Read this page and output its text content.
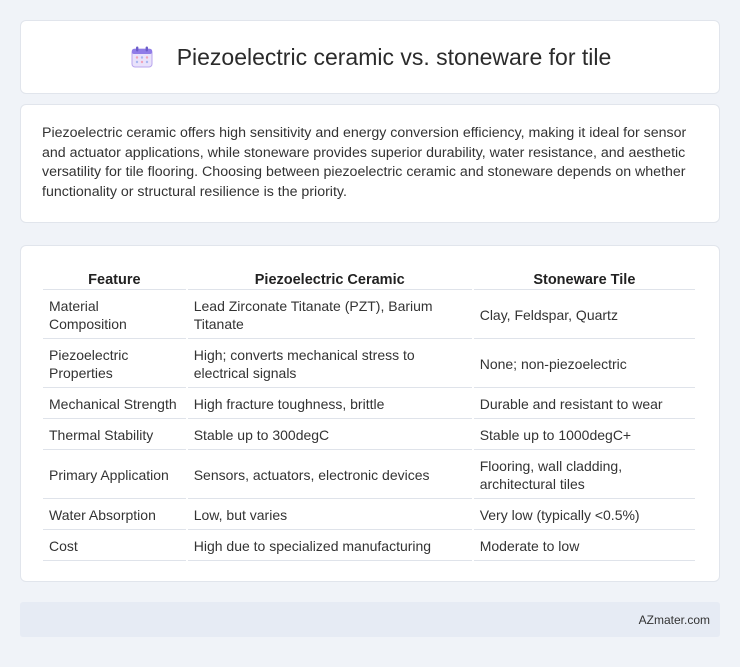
Piezoelectric ceramic vs. stoneware for tile

Piezoelectric ceramic offers high sensitivity and energy conversion efficiency, making it ideal for sensor and actuator applications, while stoneware provides superior durability, water resistance, and aesthetic versatility for tile flooring. Choosing between piezoelectric ceramic and stoneware depends on whether functionality or structural resilience is the priority.

Feature	Piezoelectric Ceramic	Stoneware Tile
Material Composition	Lead Zirconate Titanate (PZT), Barium Titanate	Clay, Feldspar, Quartz
Piezoelectric Properties	High; converts mechanical stress to electrical signals	None; non-piezoelectric
Mechanical Strength	High fracture toughness, brittle	Durable and resistant to wear
Thermal Stability	Stable up to 300degC	Stable up to 1000degC+
Primary Application	Sensors, actuators, electronic devices	Flooring, wall cladding, architectural tiles
Water Absorption	Low, but varies	Very low (typically <0.5%)
Cost	High due to specialized manufacturing	Moderate to low
AZmater.com
